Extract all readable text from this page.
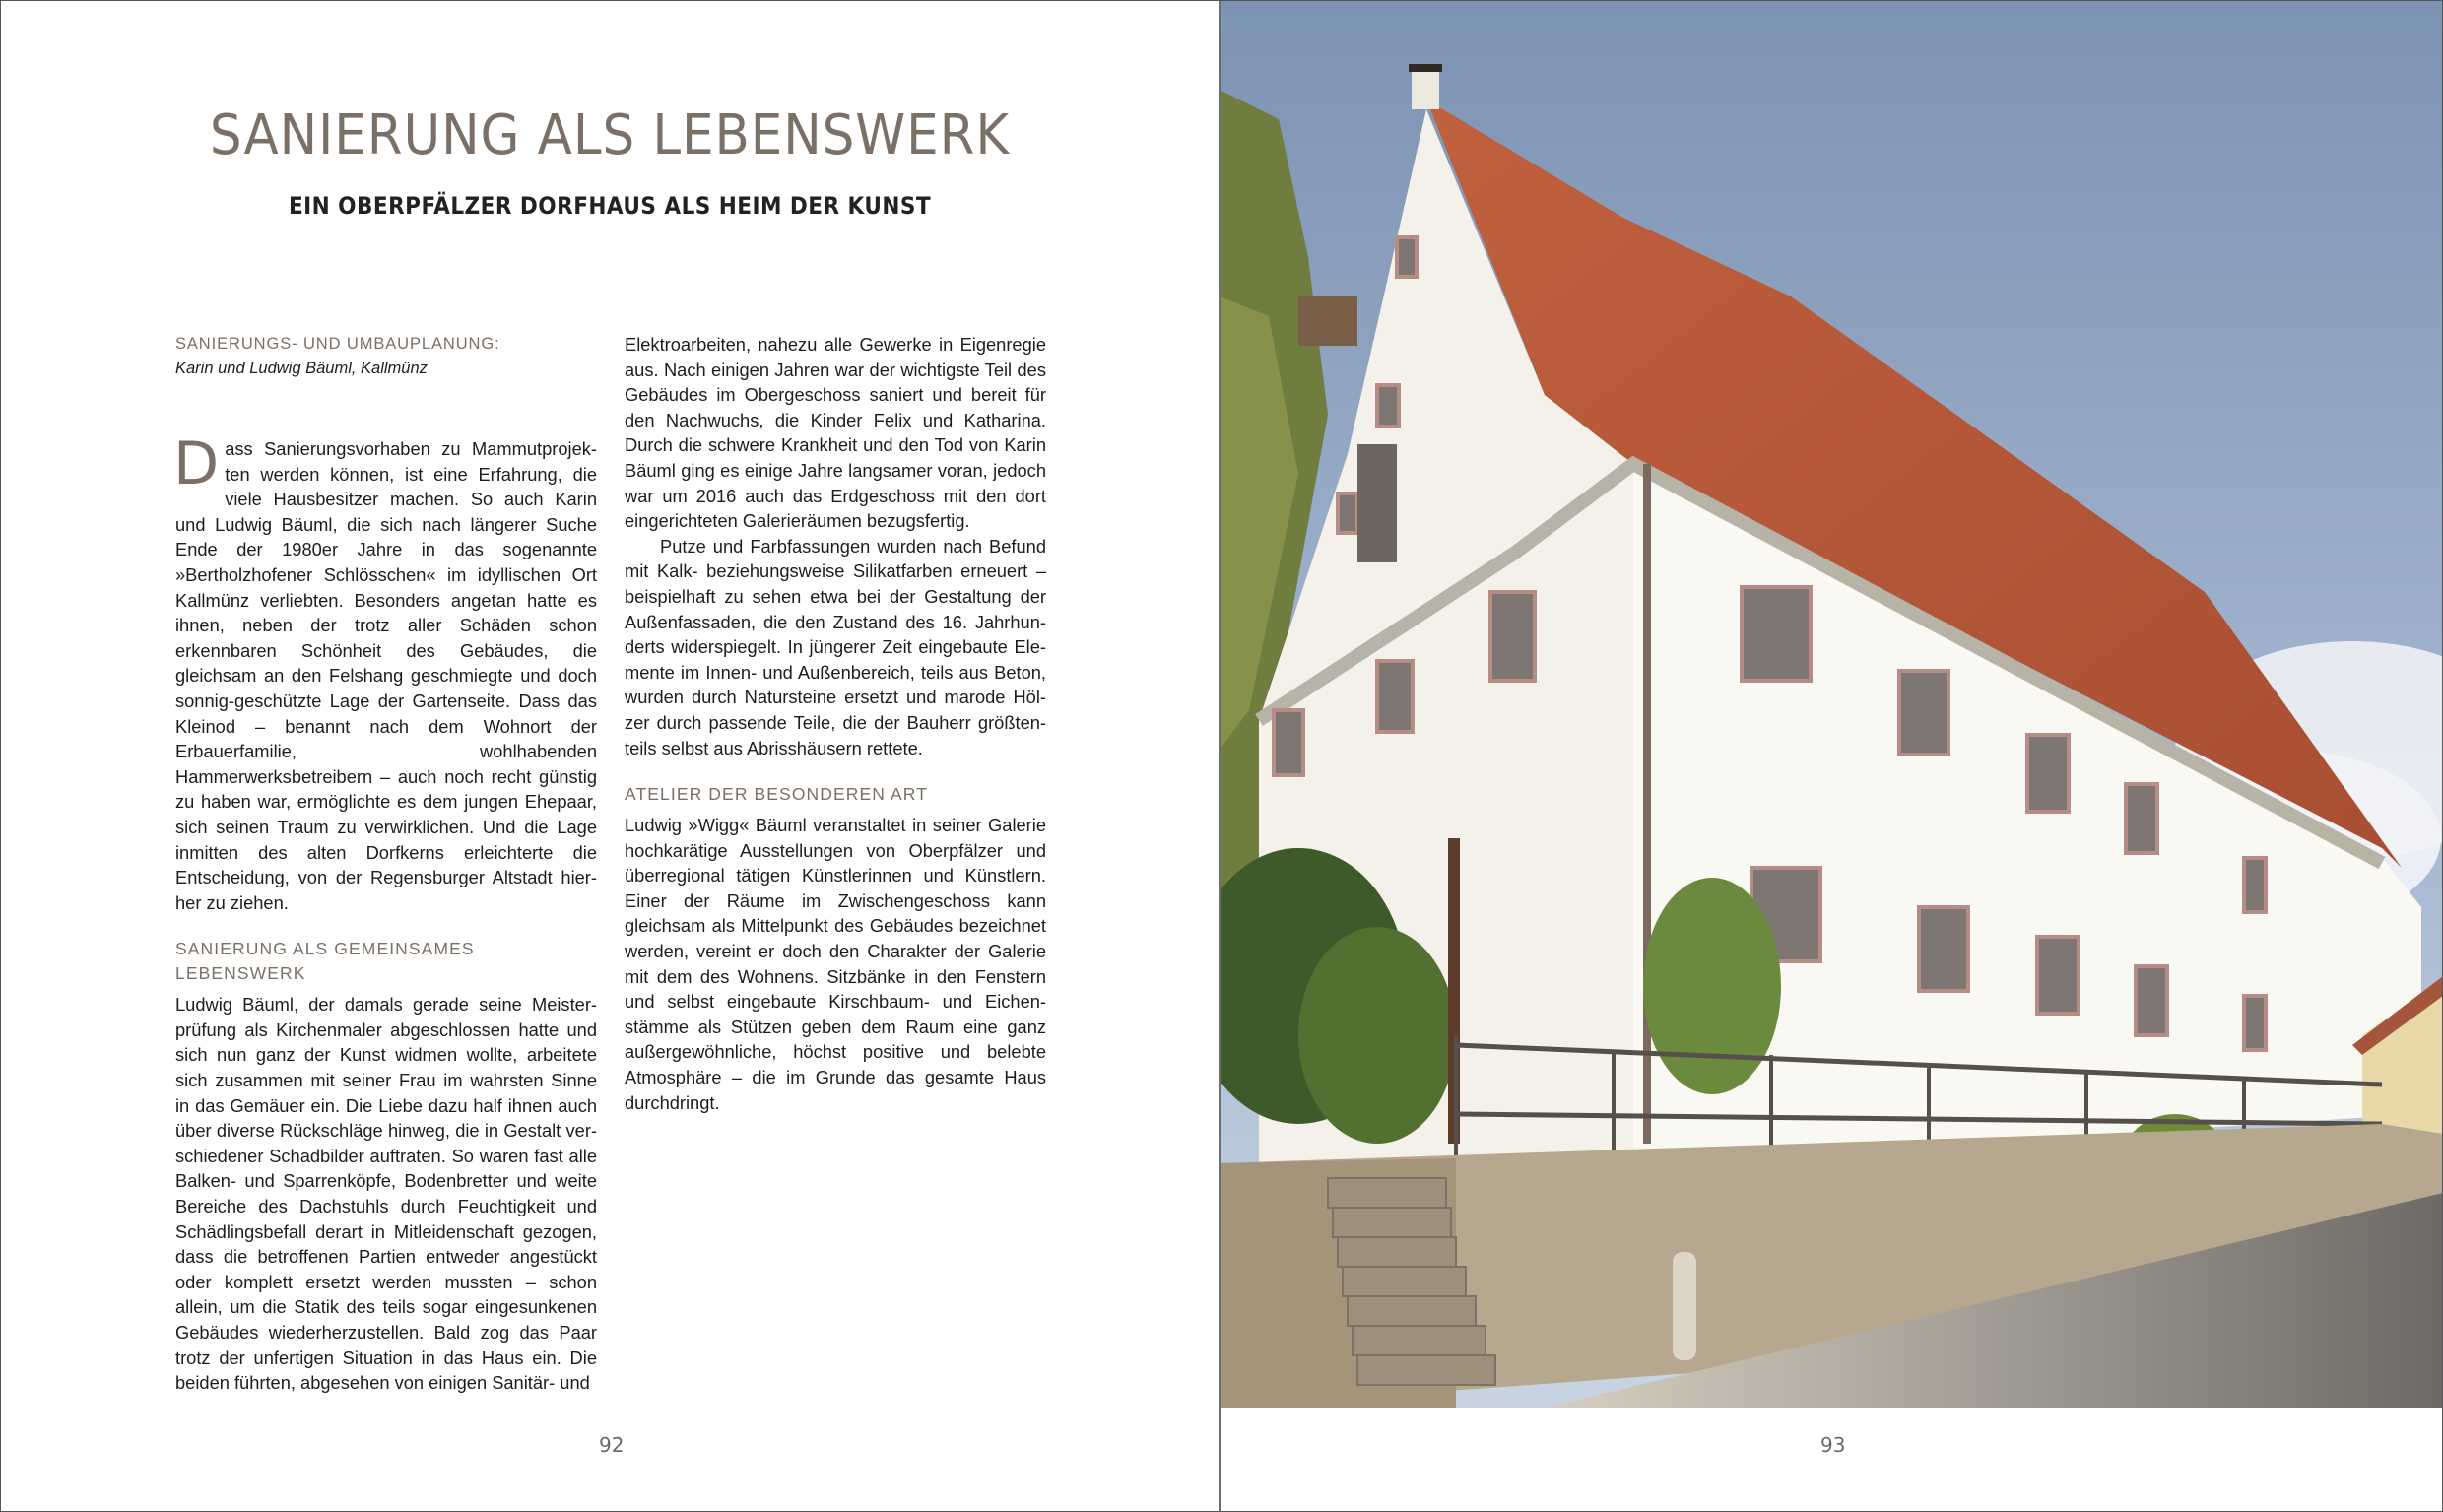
SANIERUNG ALS LEBENSWERK
EIN OBERPFÄLZER DORFHAUS ALS HEIM DER KUNST

SANIERUNGS- UND UMBAUPLANUNG:

Karin und Ludwig Bäuml, Kallmünz

Dass Sanierungsvorhaben zu Mammutprojekten werden können, ist eine Erfahrung, die viele Hausbesitzer machen. So auch Karin und Ludwig Bäuml, die sich nach längerer Suche Ende der 1980er Jahre in das sogenannte »Bertholzhofener Schlösschen« im idyllischen Ort Kallmünz verliebten. Besonders angetan hatte es ihnen, neben der trotz aller Schäden schon erkennbaren Schönheit des Gebäudes, die gleichsam an den Felshang geschmiegte und doch sonnig-geschützte Lage der Gartenseite. Dass das Kleinod – benannt nach dem Wohnort der Erbauerfamilie, wohlhabenden Hammerwerksbetreibern – auch noch recht günstig zu haben war, ermöglichte es dem jungen Ehepaar, sich seinen Traum zu verwirklichen. Und die Lage inmitten des alten Dorfkerns erleichterte die Entscheidung, von der Regensburger Altstadt hierher zu ziehen.

SANIERUNG ALS GEMEINSAMES LEBENSWERK

Ludwig Bäuml, der damals gerade seine Meisterprüfung als Kirchenmaler abgeschlossen hatte und sich nun ganz der Kunst widmen wollte, arbeitete sich zusammen mit seiner Frau im wahrsten Sinne in das Gemäuer ein. Die Liebe dazu half ihnen auch über diverse Rückschläge hinweg, die in Gestalt verschiedener Schadbilder auftraten. So waren fast alle Balken- und Sparrenköpfe, Bodenbretter und weite Bereiche des Dachstuhls durch Feuchtigkeit und Schädlingsbefall derart in Mitleidenschaft gezogen, dass die betroffenen Partien entweder angestückt oder komplett ersetzt werden mussten – schon allein, um die Statik des teils sogar eingesunkenen Gebäudes wiederherzustellen. Bald zog das Paar trotz der unfertigen Situation in das Haus ein. Die beiden führten, abgesehen von einigen Sanitär- und

Elektroarbeiten, nahezu alle Gewerke in Eigenregie aus. Nach einigen Jahren war der wichtigste Teil des Gebäudes im Obergeschoss saniert und bereit für den Nachwuchs, die Kinder Felix und Katharina. Durch die schwere Krankheit und den Tod von Karin Bäuml ging es einige Jahre langsamer voran, jedoch war um 2016 auch das Erdgeschoss mit den dort eingerichteten Galerieräumen bezugsfertig.

Putze und Farbfassungen wurden nach Befund mit Kalk- beziehungsweise Silikatfarben erneuert – beispielhaft zu sehen etwa bei der Gestaltung der Außenfassaden, die den Zustand des 16. Jahrhunderts widerspiegelt. In jüngerer Zeit eingebaute Elemente im Innen- und Außenbereich, teils aus Beton, wurden durch Natursteine ersetzt und marode Hölzer durch passende Teile, die der Bauherr größtenteils selbst aus Abrisshäusern rettete.

ATELIER DER BESONDEREN ART

Ludwig »Wigg« Bäuml veranstaltet in seiner Galerie hochkarätige Ausstellungen von Oberpfälzer und überregional tätigen Künstlerinnen und Künstlern. Einer der Räume im Zwischengeschoss kann gleichsam als Mittelpunkt des Gebäudes bezeichnet werden, vereint er doch den Charakter der Galerie mit dem des Wohnens. Sitzbänke in den Fenstern und selbst eingebaute Kirschbaum- und Eichenstämme als Stützen geben dem Raum eine ganz außergewöhnliche, höchst positive und belebte Atmosphäre – die im Grunde das gesamte Haus durchdringt.

92	93
